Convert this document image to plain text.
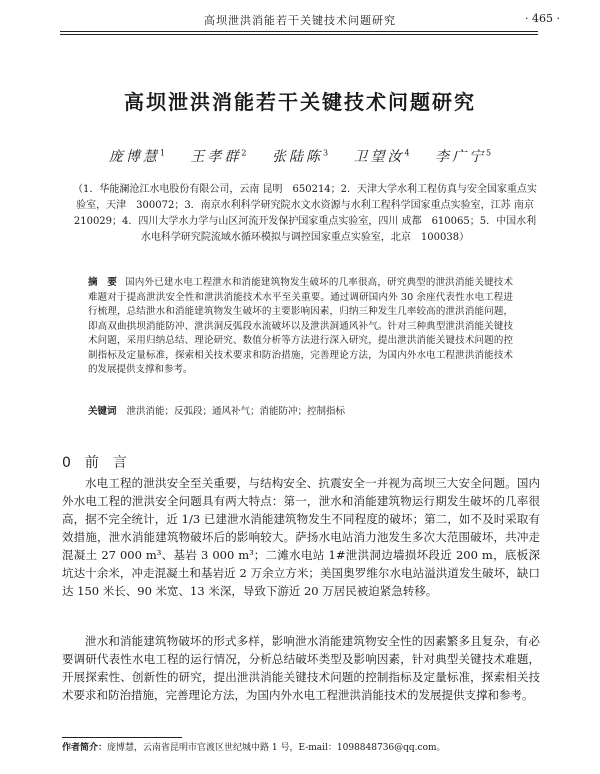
高坝泄洪消能若干关键技术问题研究	· 465 ·
高坝泄洪消能若干关键技术问题研究
庞博慧$^1$ 王孝群$^2$ 张陆陈$^3$ 卫望汝$^4$ 李广宁$^5$
（1．华能澜沧江水电股份有限公司，云南 昆明　650214；2．天津大学水利工程仿真与安全国家重点实验室，天津　300072；3．南京水利科学研究院水文水资源与水利工程科学国家重点实验室，江苏 南京　210029；4．四川大学水力学与山区河流开发保护国家重点实验室，四川 成都　610065；5．中国水利水电科学研究院流域水循环模拟与调控国家重点实验室，北京　100038）
摘　要 国内外已建水电工程泄水和消能建筑物发生破坏的几率很高，研究典型的泄洪消能关键技术难题对于提高泄洪安全性和泄洪消能技术水平至关重要。通过调研国内外 30 余座代表性水电工程进行梳理，总结泄水和消能建筑物发生破坏的主要影响因素，归纳三种发生几率较高的泄洪消能问题，即高双曲拱坝消能防冲、泄洪洞反弧段水流破坏以及泄洪洞通风补气。针对三种典型泄洪消能关键技术问题，采用归纳总结、理论研究、数值分析等方法进行深入研究，提出泄洪消能关键技术问题的控制指标及定量标准，探索相关技术要求和防治措施，完善理论方法，为国内外水电工程泄洪消能技术的发展提供支撑和参考。
关键词 泄洪消能；反弧段；通风补气；消能防冲；控制指标
0 前　言
水电工程的泄洪安全至关重要，与结构安全、抗震安全一并视为高坝三大安全问题。国内外水电工程的泄洪安全问题具有两大特点：第一，泄水和消能建筑物运行期发生破坏的几率很高，据不完全统计，近 1/3 已建泄水消能建筑物发生不同程度的破坏；第二，如不及时采取有效措施，泄水消能建筑物破坏后的影响较大。萨扬水电站消力池发生多次大范围破坏，共冲走混凝土 27 000 m³、基岩 3 000 m³；二滩水电站 1#泄洪洞边墙损坏段近 200 m，底板深坑达十余米，冲走混凝土和基岩近 2 万余立方米；美国奥罗维尔水电站溢洪道发生破坏，缺口达 150 米长、90 米宽、13 米深，导致下游近 20 万居民被迫紧急转移。
泄水和消能建筑物破坏的形式多样，影响泄水消能建筑物安全性的因素繁多且复杂，有必要调研代表性水电工程的运行情况，分析总结破坏类型及影响因素，针对典型关键技术难题，开展探索性、创新性的研究，提出泄洪消能关键技术问题的控制指标及定量标准，探索相关技术要求和防治措施，完善理论方法，为国内外水电工程泄洪消能技术的发展提供支撑和参考。
作者简介：庞博慧，云南省昆明市官渡区世纪城中路 1 号，E-mail：1098848736@qq.com。
